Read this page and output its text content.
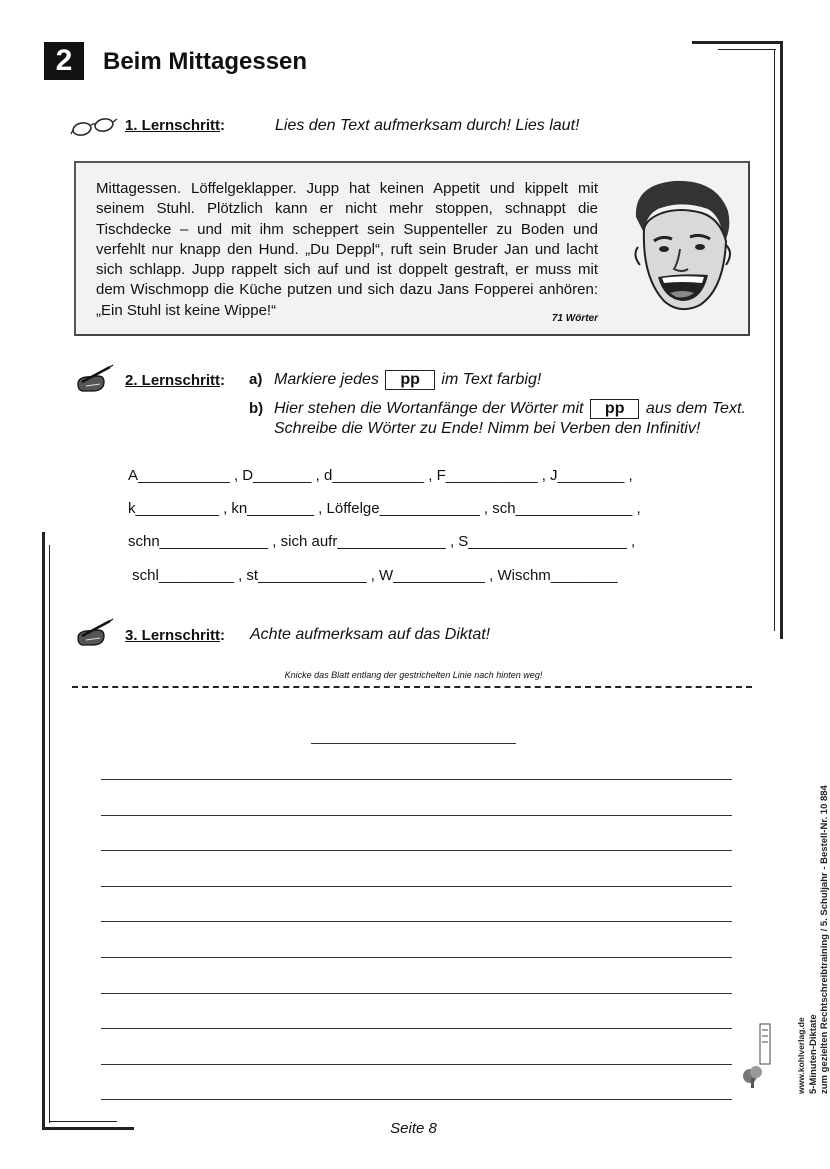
2	Beim Mittagessen
1. Lernschritt:	Lies den Text aufmerksam durch! Lies laut!
Mittagessen. Löffelgeklapper. Jupp hat keinen Appetit und kippelt mit seinem Stuhl. Plötzlich kann er nicht mehr stoppen, schnappt die Tischdecke – und mit ihm scheppert sein Suppenteller zu Boden und verfehlt nur knapp den Hund. „Du Deppl“, ruft sein Bruder Jan und lacht sich schlapp. Jupp rappelt sich auf und ist doppelt gestraft, er muss mit dem Wischmopp die Küche putzen und sich dazu Jans Fopperei anhören: „Ein Stuhl ist keine Wippe!“	71 Wörter
2. Lernschritt: a) Markiere jedes pp im Text farbig!
b) Hier stehen die Wortanfänge der Wörter mit pp aus dem Text.
Schreibe die Wörter zu Ende! Nimm bei Verben den Infinitiv!
A___________ , D_______ , d___________ , F___________ , J________ ,
k__________ , kn________ , Löffelge____________ , sch______________ ,
schn_____________ , sich aufr_____________ , S___________________ ,
schl_________ , st_____________ , W___________ , Wischm________
3. Lernschritt: Achte aufmerksam auf das Diktat!
Knicke das Blatt entlang der gestrichelten Linie nach hinten weg!
Seite 8
www.kohlverlag.de 5-Minuten-Diktate zum gezielten Rechtschreibtraining / 5. Schuljahr - Bestell-Nr. 10 884
